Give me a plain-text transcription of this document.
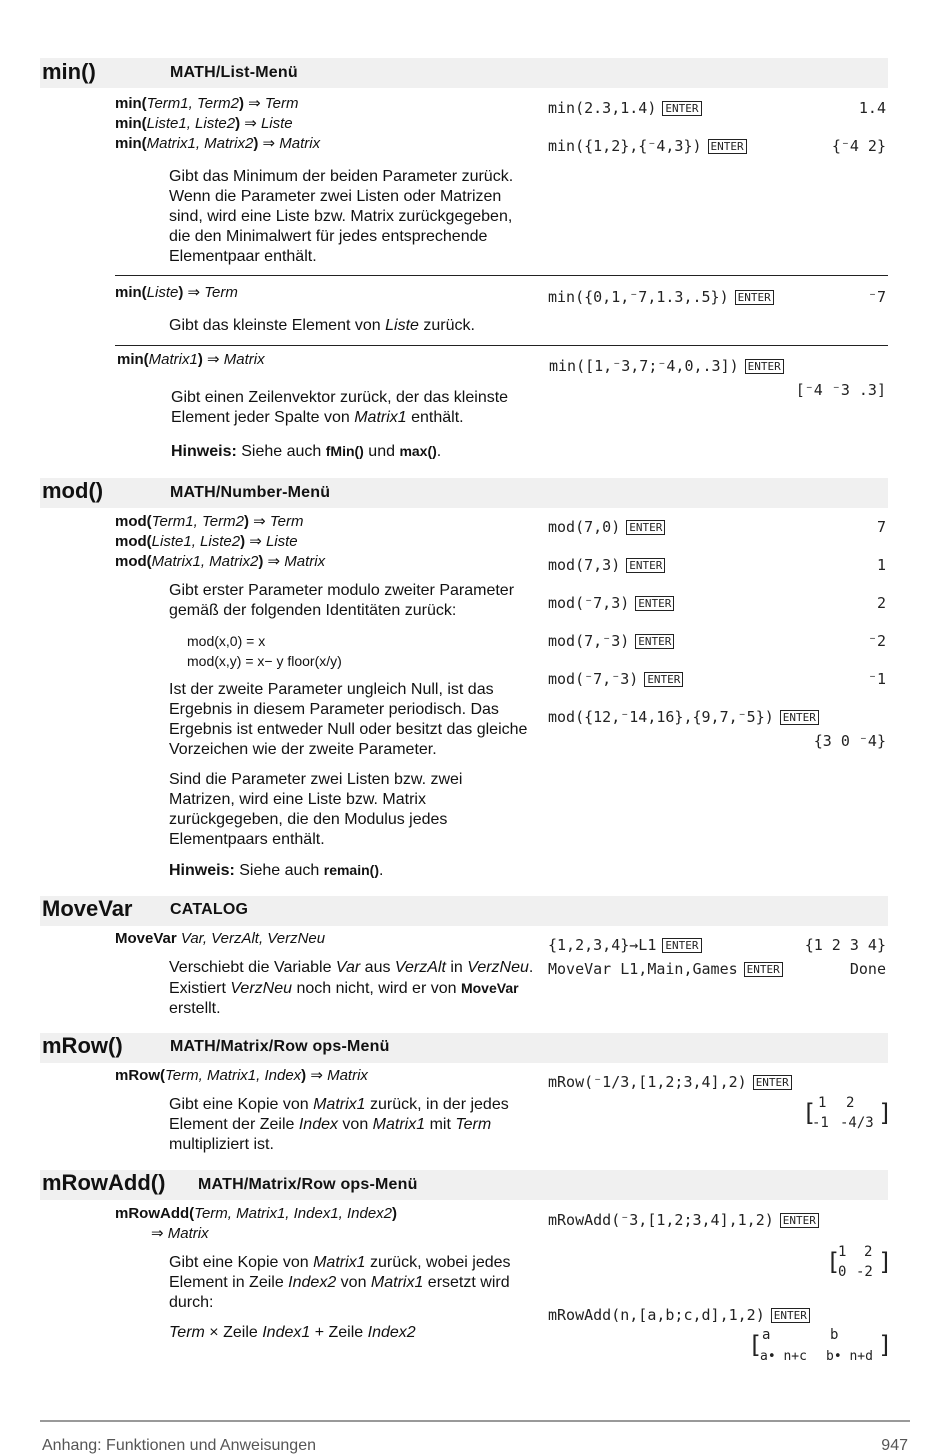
min()	MATH/List-Menü
min(Term1, Term2) ⇒ Term
min(Liste1, Liste2) ⇒ Liste
min(Matrix1, Matrix2) ⇒ Matrix
Gibt das Minimum der beiden Parameter zurück. Wenn die Parameter zwei Listen oder Matrizen sind, wird eine Liste bzw. Matrix zurückgegeben, die den Minimalwert für jedes entsprechende Elementpaar enthält.
min(2.3,1.4) ENTER	1.4
min({1,2},{⁻4,3}) ENTER	{⁻4 2}
min(Liste) ⇒ Term
Gibt das kleinste Element von Liste zurück.
min({0,1,⁻7,1.3,.5}) ENTER	⁻7
min(Matrix1) ⇒ Matrix
Gibt einen Zeilenvektor zurück, der das kleinste Element jeder Spalte von Matrix1 enthält.
Hinweis: Siehe auch fMin() und max().
min([1,⁻3,7;⁻4,0,.3]) ENTER
[⁻4 ⁻3 .3]
mod()	MATH/Number-Menü
mod(Term1, Term2) ⇒ Term
mod(Liste1, Liste2) ⇒ Liste
mod(Matrix1, Matrix2) ⇒ Matrix
Gibt erster Parameter modulo zweiter Parameter gemäß der folgenden Identitäten zurück:
mod(x,0) = x
mod(x,y) = x− y floor(x/y)
Ist der zweite Parameter ungleich Null, ist das Ergebnis in diesem Parameter periodisch. Das Ergebnis ist entweder Null oder besitzt das gleiche Vorzeichen wie der zweite Parameter.
Sind die Parameter zwei Listen bzw. zwei Matrizen, wird eine Liste bzw. Matrix zurückgegeben, die den Modulus jedes Elementpaars enthält.
Hinweis: Siehe auch remain().
mod(7,0) ENTER	7
mod(7,3) ENTER	1
mod(⁻7,3) ENTER	2
mod(7,⁻3) ENTER	⁻2
mod(⁻7,⁻3) ENTER	⁻1
mod({12,⁻14,16},{9,7,⁻5}) ENTER
{3 0 ⁻4}
MoveVar CATALOG
MoveVar Var, VerzAlt, VerzNeu
Verschiebt die Variable Var aus VerzAlt in VerzNeu. Existiert VerzNeu noch nicht, wird er von MoveVar erstellt.
{1,2,3,4}→L1 ENTER	{1 2 3 4}
MoveVar L1,Main,Games ENTER	Done
mRow()	MATH/Matrix/Row ops-Menü
mRow(Term, Matrix1, Index) ⇒ Matrix
Gibt eine Kopie von Matrix1 zurück, in der jedes Element der Zeile Index von Matrix1 mit Term multipliziert ist.
mRow(⁻1/3,[1,2;3,4],2) ENTER
[ 1 2
-1 -4/3 ]
mRowAdd() MATH/Matrix/Row ops-Menü
mRowAdd(Term, Matrix1, Index1, Index2)
⇒ Matrix
Gibt eine Kopie von Matrix1 zurück, wobei jedes Element in Zeile Index2 von Matrix1 ersetzt wird durch:
Term × Zeile Index1 + Zeile Index2
mRowAdd(⁻3,[1,2;3,4],1,2) ENTER
[
1 2
0 -2 ]
mRowAdd(n,[a,b;c,d],1,2) ENTER
[ a	b
a• n+c b• n+d ]
Anhang: Funktionen und Anweisungen	947
